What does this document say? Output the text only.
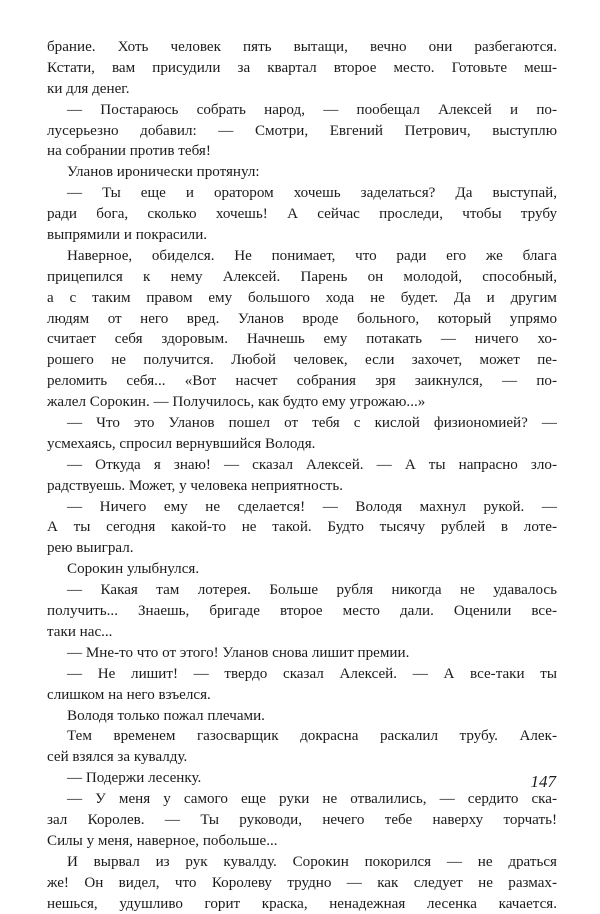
брание. Хоть человек пять вытащи, вечно они разбегаются.
Кстати, вам присудили за квартал второе место. Готовьте меш-
ки для денег.
— Постараюсь собрать народ, — пообещал Алексей и по-
лусерьезно добавил: — Смотри, Евгений Петрович, выступлю
на собрании против тебя!
Уланов иронически протянул:
— Ты еще и оратором хочешь заделаться? Да выступай,
ради бога, сколько хочешь! А сейчас проследи, чтобы трубу
выпрямили и покрасили.
Наверное, обиделся. Не понимает, что ради его же блага
прицепился к нему Алексей. Парень он молодой, способный,
а с таким правом ему большого хода не будет. Да и другим
людям от него вред. Уланов вроде больного, который упрямо
считает себя здоровым. Начнешь ему потакать — ничего хо-
рошего не получится. Любой человек, если захочет, может пе-
реломить себя... «Вот насчет собрания зря заикнулся, — по-
жалел Сорокин. — Получилось, как будто ему угрожаю...»
— Что это Уланов пошел от тебя с кислой физиономией? —
усмехаясь, спросил вернувшийся Володя.
— Откуда я знаю! — сказал Алексей. — А ты напрасно зло-
радствуешь. Может, у человека неприятность.
— Ничего ему не сделается! — Володя махнул рукой. —
А ты сегодня какой-то не такой. Будто тысячу рублей в лоте-
рею выиграл.
Сорокин улыбнулся.
— Какая там лотерея. Больше рубля никогда не удавалось
получить... Знаешь, бригаде второе место дали. Оценили все-
таки нас...
— Мне-то что от этого! Уланов снова лишит премии.
— Не лишит! — твердо сказал Алексей. — А все-таки ты
слишком на него взъелся.
Володя только пожал плечами.
Тем временем газосварщик докрасна раскалил трубу. Алек-
сей взялся за кувалду.
— Подержи лесенку.
— У меня у самого еще руки не отвалились, — сердито ска-
зал Королев. — Ты руководи, нечего тебе наверху торчать!
Силы у меня, наверное, побольше...
И вырвал из рук кувалду. Сорокин покорился — не драться
же! Он видел, что Королеву трудно — как следует не размах-
нешься, удушливо горит краска, ненадежная лесенка качается.
147
